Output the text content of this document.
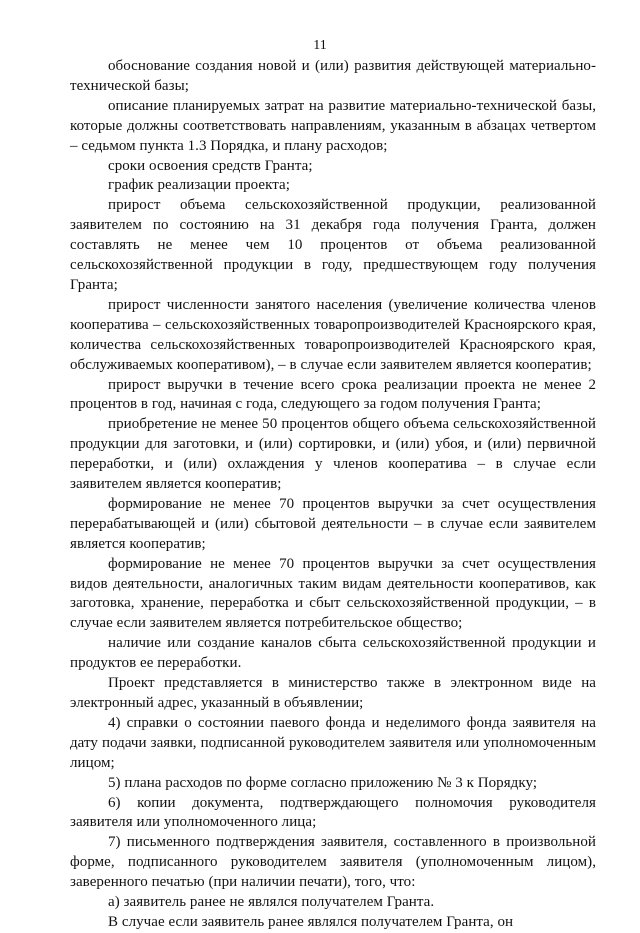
11

обоснование создания новой и (или) развития действующей материально-технической базы;

описание планируемых затрат на развитие материально-технической базы, которые должны соответствовать направлениям, указанным в абзацах четвертом – седьмом пункта 1.3 Порядка, и плану расходов;

сроки освоения средств Гранта;

график реализации проекта;

прирост объема сельскохозяйственной продукции, реализованной заявителем по состоянию на 31 декабря года получения Гранта, должен составлять не менее чем 10 процентов от объема реализованной сельскохозяйственной продукции в году, предшествующем году получения Гранта;

прирост численности занятого населения (увеличение количества членов кооператива – сельскохозяйственных товаропроизводителей Красноярского края, количества сельскохозяйственных товаропроизводителей Красноярского края, обслуживаемых кооперативом), – в случае если заявителем является кооператив;

прирост выручки в течение всего срока реализации проекта не менее 2 процентов в год, начиная с года, следующего за годом получения Гранта;

приобретение не менее 50 процентов общего объема сельскохозяйственной продукции для заготовки, и (или) сортировки, и (или) убоя, и (или) первичной переработки, и (или) охлаждения у членов кооператива – в случае если заявителем является кооператив;

формирование не менее 70 процентов выручки за счет осуществления перерабатывающей и (или) сбытовой деятельности – в случае если заявителем является кооператив;

формирование не менее 70 процентов выручки за счет осуществления видов деятельности, аналогичных таким видам деятельности кооперативов, как заготовка, хранение, переработка и сбыт сельскохозяйственной продукции, – в случае если заявителем является потребительское общество;

наличие или создание каналов сбыта сельскохозяйственной продукции и продуктов ее переработки.

Проект представляется в министерство также в электронном виде на электронный адрес, указанный в объявлении;

4) справки о состоянии паевого фонда и неделимого фонда заявителя на дату подачи заявки, подписанной руководителем заявителя или уполномоченным лицом;

5) плана расходов по форме согласно приложению № 3 к Порядку;

6) копии документа, подтверждающего полномочия руководителя заявителя или уполномоченного лица;

7) письменного подтверждения заявителя, составленного в произвольной форме, подписанного руководителем заявителя (уполномоченным лицом), заверенного печатью (при наличии печати), того, что:

а) заявитель ранее не являлся получателем Гранта.

В случае если заявитель ранее являлся получателем Гранта, он
